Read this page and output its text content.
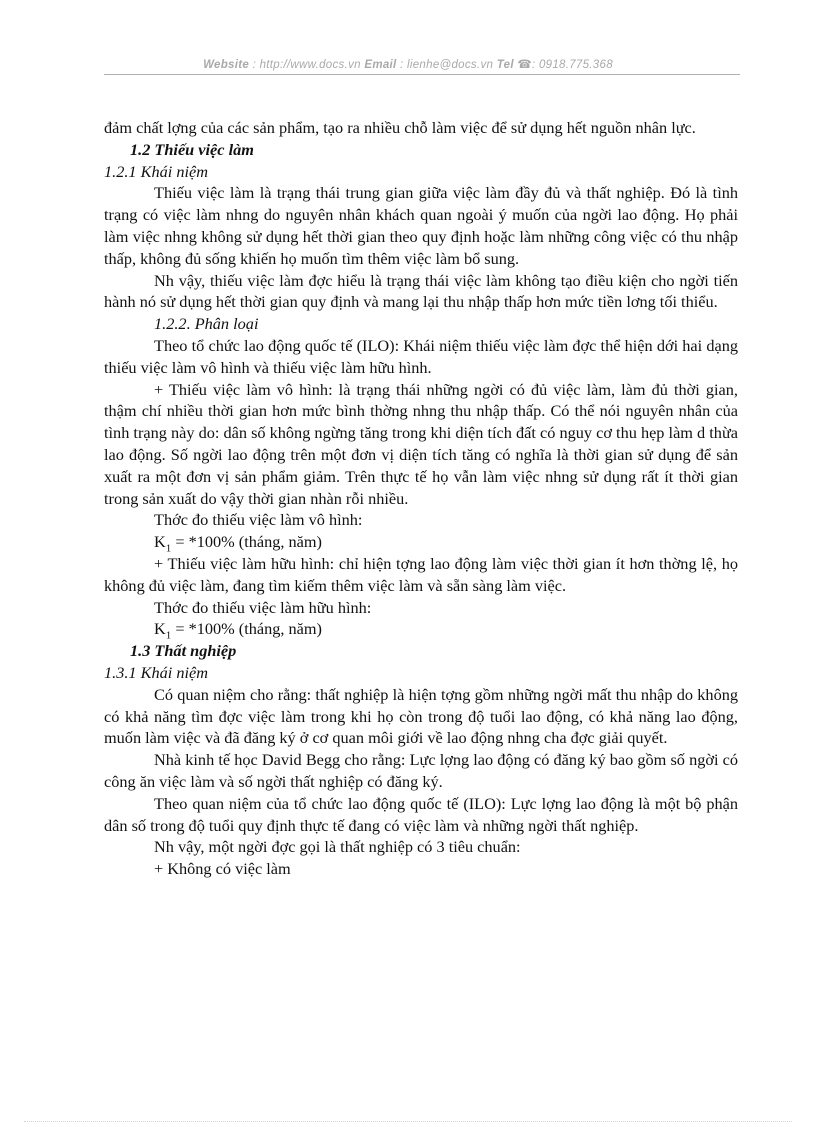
Website : http://www.docs.vn Email : lienhe@docs.vn Tel ☎: 0918.775.368

đảm chất lợng của các sản phẩm, tạo ra nhiều chỗ làm việc để sử dụng hết nguồn nhân lực.

1.2 Thiếu việc làm

1.2.1 Khái niệm

Thiếu việc làm là trạng thái trung gian giữa việc làm đầy đủ và thất nghiệp. Đó là tình trạng có việc làm nhng do nguyên nhân khách quan ngoài ý muốn của ngời lao động. Họ phải làm việc nhng không sử dụng hết thời gian theo quy định hoặc làm những công việc có thu nhập thấp, không đủ sống khiến họ muốn tìm thêm việc làm bổ sung.

Nh vậy, thiếu việc làm đợc hiểu là trạng thái việc làm không tạo điều kiện cho ngời tiến hành nó sử dụng hết thời gian quy định và mang lại thu nhập thấp hơn mức tiền lơng tối thiểu.

1.2.2. Phân loại

Theo tổ chức lao động quốc tế (ILO): Khái niệm thiếu việc làm đợc thể hiện dới hai dạng thiếu việc làm vô hình và thiếu việc làm hữu hình.

+ Thiếu việc làm vô hình: là trạng thái những ngời có đủ việc làm, làm đủ thời gian, thậm chí nhiều thời gian hơn mức bình thờng nhng thu nhập thấp. Có thể nói nguyên nhân của tình trạng này do: dân số không ngừng tăng trong khi diện tích đất có nguy cơ thu hẹp làm d thừa lao động. Số ngời lao động trên một đơn vị diện tích tăng có nghĩa là thời gian sử dụng để sản xuất ra một đơn vị sản phẩm giảm. Trên thực tế họ vẫn làm việc nhng sử dụng rất ít thời gian trong sản xuất do vậy thời gian nhàn rỗi nhiều.

Thớc đo thiếu việc làm vô hình:

$K_1 = *100\%$ (tháng, năm)

+ Thiếu việc làm hữu hình: chỉ hiện tợng lao động làm việc thời gian ít hơn thờng lệ, họ không đủ việc làm, đang tìm kiếm thêm việc làm và sẵn sàng làm việc.

Thớc đo thiếu việc làm hữu hình:

$K_1 = *100\%$ (tháng, năm)

1.3 Thất nghiệp

1.3.1 Khái niệm

Có quan niệm cho rằng: thất nghiệp là hiện tợng gồm những ngời mất thu nhập do không có khả năng tìm đợc việc làm trong khi họ còn trong độ tuổi lao động, có khả năng lao động, muốn làm việc và đã đăng ký ở cơ quan môi giới về lao động nhng cha đợc giải quyết.

Nhà kinh tế học David Begg cho rằng: Lực lợng lao động có đăng ký bao gồm số ngời có công ăn việc làm và số ngời thất nghiệp có đăng ký.

Theo quan niệm của tổ chức lao động quốc tế (ILO): Lực lợng lao động là một bộ phận dân số trong độ tuổi quy định thực tế đang có việc làm và những ngời thất nghiệp.

Nh vậy, một ngời đợc gọi là thất nghiệp có 3 tiêu chuẩn:

+ Không có việc làm
